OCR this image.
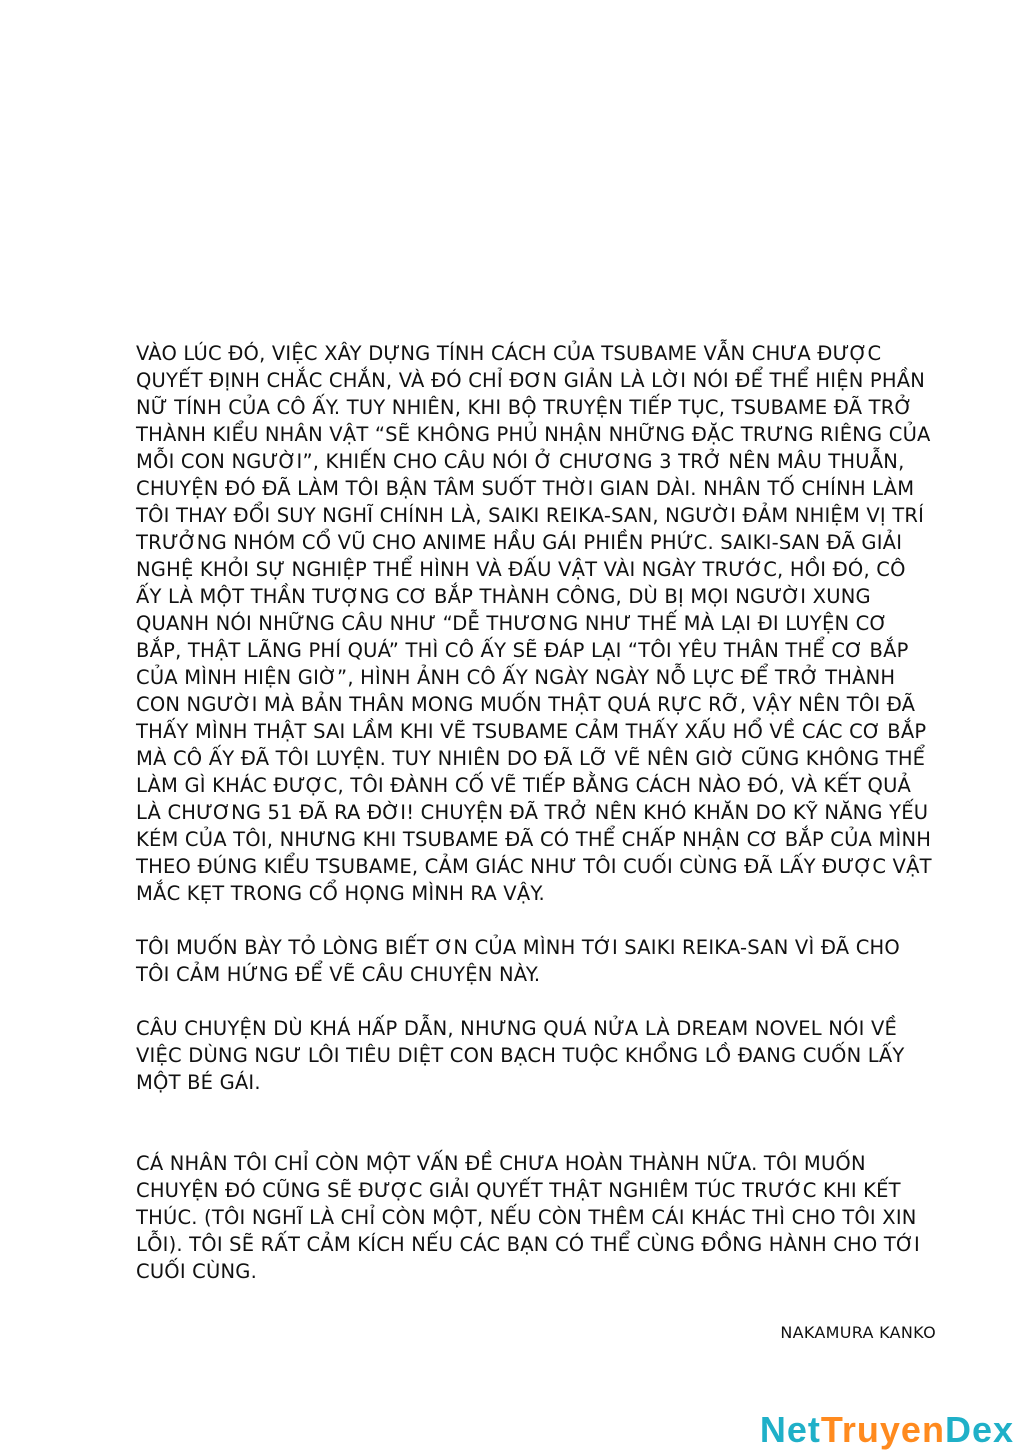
VÀO LÚC ĐÓ, VIỆC XÂY DỰNG TÍNH CÁCH CỦA TSUBAME VẪN CHƯA ĐƯỢC QUYẾT ĐỊNH CHẮC CHẮN, VÀ ĐÓ CHỈ ĐƠN GIẢN LÀ LỜI NÓI ĐỂ THỂ HIỆN PHẦN NỮ TÍNH CỦA CÔ ẤY. TUY NHIÊN, KHI BỘ TRUYỆN TIẾP TỤC, TSUBAME ĐÃ TRỞ THÀNH KIỂU NHÂN VẬT “SẼ KHÔNG PHỦ NHẬN NHỮNG ĐẶC TRƯNG RIÊNG CỦA MỖI CON NGƯỜI”, KHIẾN CHO CÂU NÓI Ở CHƯƠNG 3 TRỞ NÊN MÂU THUẪN, CHUYỆN ĐÓ ĐÃ LÀM TÔI BẬN TÂM SUỐT THỜI GIAN DÀI. NHÂN TỐ CHÍNH LÀM TÔI THAY ĐỔI SUY NGHĨ CHÍNH LÀ, SAIKI REIKA-SAN, NGƯỜI ĐẢM NHIỆM VỊ TRÍ TRƯỞNG NHÓM CỔ VŨ CHO ANIME HẦU GÁI PHIỀN PHỨC. SAIKI-SAN ĐÃ GIẢI NGHỆ KHỎI SỰ NGHIỆP THỂ HÌNH VÀ ĐẤU VẬT VÀI NGÀY TRƯỚC, HỒI ĐÓ, CÔ ẤY LÀ MỘT THẦN TƯỢNG CƠ BẮP THÀNH CÔNG, DÙ BỊ MỌI NGƯỜI XUNG QUANH NÓI NHỮNG CÂU NHƯ “DỄ THƯƠNG NHƯ THẾ MÀ LẠI ĐI LUYỆN CƠ BẮP, THẬT LÃNG PHÍ QUÁ” THÌ CÔ ẤY SẼ ĐÁP LẠI “TÔI YÊU THÂN THỂ CƠ BẮP CỦA MÌNH HIỆN GIỜ”, HÌNH ẢNH CÔ ẤY NGÀY NGÀY NỖ LỰC ĐỂ TRỞ THÀNH CON NGƯỜI MÀ BẢN THÂN MONG MUỐN THẬT QUÁ RỰC RỠ, VẬY NÊN TÔI ĐÃ THẤY MÌNH THẬT SAI LẦM KHI VẼ TSUBAME CẢM THẤY XẤU HỔ VỀ CÁC CƠ BẮP MÀ CÔ ẤY ĐÃ TÔI LUYỆN. TUY NHIÊN DO ĐÃ LỠ VẼ NÊN GIỜ CŨNG KHÔNG THỂ LÀM GÌ KHÁC ĐƯỢC, TÔI ĐÀNH CỐ VẼ TIẾP BẰNG CÁCH NÀO ĐÓ, VÀ KẾT QUẢ LÀ CHƯƠNG 51 ĐÃ RA ĐỜI! CHUYỆN ĐÃ TRỞ NÊN KHÓ KHĂN DO KỸ NĂNG YẾU KÉM CỦA TÔI, NHƯNG KHI TSUBAME ĐÃ CÓ THỂ CHẤP NHẬN CƠ BẮP CỦA MÌNH THEO ĐÚNG KIỂU TSUBAME, CẢM GIÁC NHƯ TÔI CUỐI CÙNG ĐÃ LẤY ĐƯỢC VẬT MẮC KẸT TRONG CỔ HỌNG MÌNH RA VẬY.

TÔI MUỐN BÀY TỎ LÒNG BIẾT ƠN CỦA MÌNH TỚI SAIKI REIKA-SAN VÌ ĐÃ CHO TÔI CẢM HỨNG ĐỂ VẼ CÂU CHUYỆN NÀY.

CÂU CHUYỆN DÙ KHÁ HẤP DẪN, NHƯNG QUÁ NỬA LÀ DREAM NOVEL NÓI VỀ VIỆC DÙNG NGƯ LÔI TIÊU DIỆT CON BẠCH TUỘC KHỔNG LỒ ĐANG CUỐN LẤY MỘT BÉ GÁI.

CÁ NHÂN TÔI CHỈ CÒN MỘT VẤN ĐỀ CHƯA HOÀN THÀNH NỮA. TÔI MUỐN CHUYỆN ĐÓ CŨNG SẼ ĐƯỢC GIẢI QUYẾT THẬT NGHIÊM TÚC TRƯỚC KHI KẾT THÚC. (TÔI NGHĨ LÀ CHỈ CÒN MỘT, NẾU CÒN THÊM CÁI KHÁC THÌ CHO TÔI XIN LỖI). TÔI SẼ RẤT CẢM KÍCH NẾU CÁC BẠN CÓ THỂ CÙNG ĐỒNG HÀNH CHO TỚI CUỐI CÙNG.

NAKAMURA KANKO
NetTruyenDex
